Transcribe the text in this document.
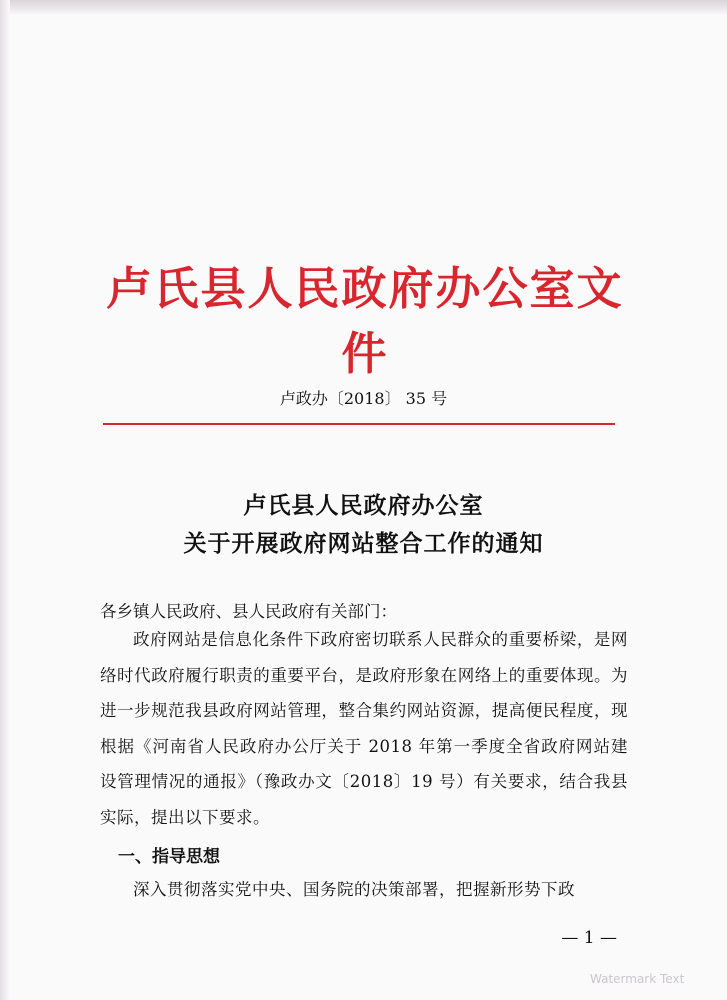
卢氏县人民政府办公室文件
卢政办〔2018〕 35 号
卢氏县人民政府办公室
关于开展政府网站整合工作的通知
各乡镇人民政府、县人民政府有关部门：
政府网站是信息化条件下政府密切联系人民群众的重要桥梁，是网络时代政府履行职责的重要平台，是政府形象在网络上的重要体现。为进一步规范我县政府网站管理，整合集约网站资源，提高便民程度，现根据《河南省人民政府办公厅关于 2018 年第一季度全省政府网站建设管理情况的通报》（豫政办文〔2018〕19 号）有关要求，结合我县实际，提出以下要求。
一、指导思想
深入贯彻落实党中央、国务院的决策部署，把握新形势下政
— 1 —
Watermark Text
